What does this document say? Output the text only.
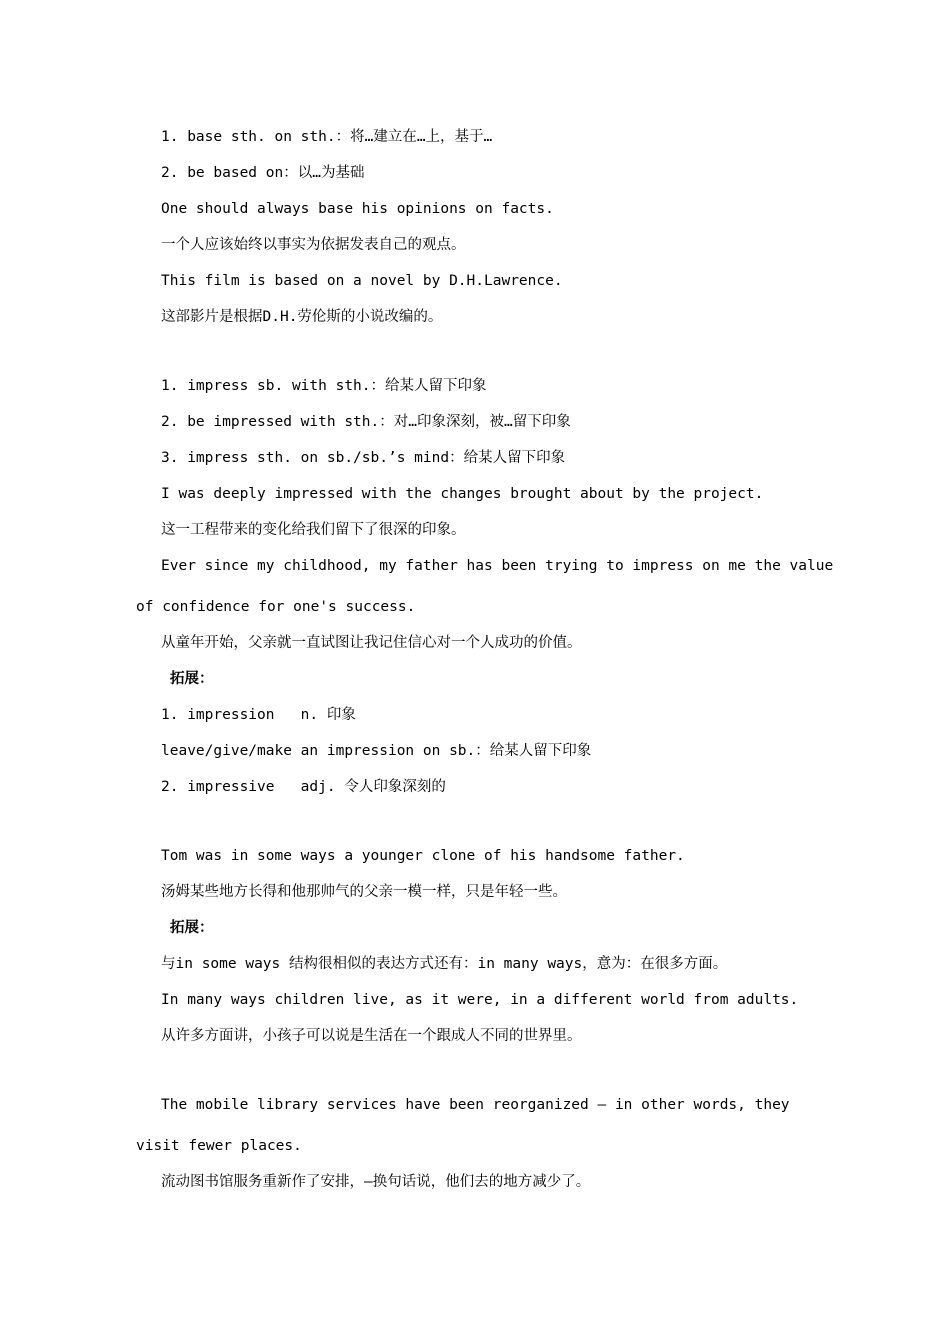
1. base sth. on sth.：将…建立在…上，基于…
2. be based on：以…为基础
One should always base his opinions on facts.
一个人应该始终以事实为依据发表自己的观点。
This film is based on a novel by D.H.Lawrence.
这部影片是根据D.H.劳伦斯的小说改编的。
1. impress sb. with sth.：给某人留下印象
2. be impressed with sth.：对…印象深刻，被…留下印象
3. impress sth. on sb./sb.’s mind：给某人留下印象
I was deeply impressed with the changes brought about by the project.
这一工程带来的变化给我们留下了很深的印象。
Ever since my childhood, my father has been trying to impress on me the value
of confidence for one's success.
从童年开始，父亲就一直试图让我记住信心对一个人成功的价值。
拓展：
1. impression   n. 印象
leave/give/make an impression on sb.：给某人留下印象
2. impressive   adj. 令人印象深刻的
Tom was in some ways a younger clone of his handsome father.
汤姆某些地方长得和他那帅气的父亲一模一样，只是年轻一些。
拓展：
与in some ways 结构很相似的表达方式还有：in many ways，意为：在很多方面。
In many ways children live, as it were, in a different world from adults.
从许多方面讲，小孩子可以说是生活在一个跟成人不同的世界里。
The mobile library services have been reorganized — in other words, they
visit fewer places.
流动图书馆服务重新作了安排，—换句话说，他们去的地方减少了。
